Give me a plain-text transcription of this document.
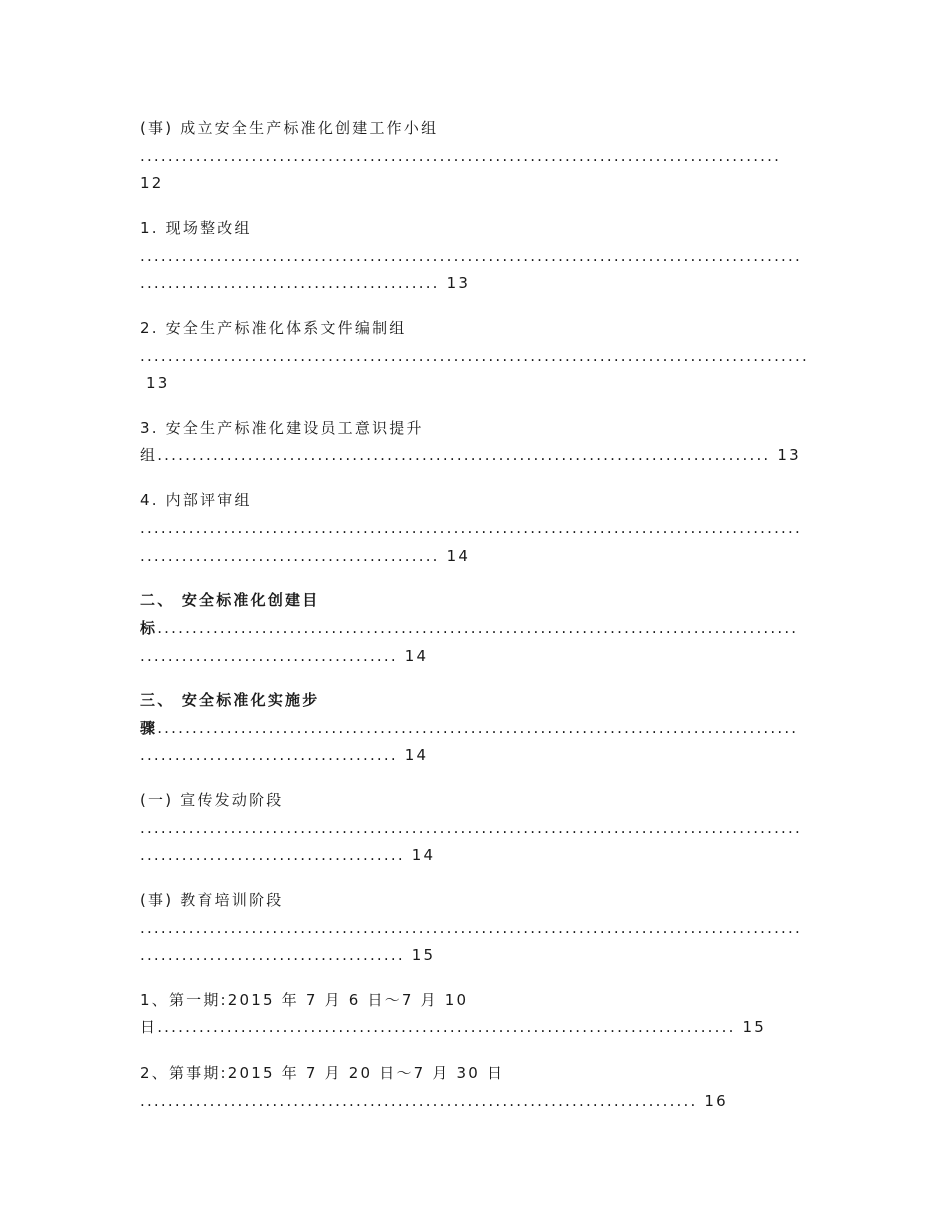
(事) 成立安全生产标准化创建工作小组
............................................................................................
12
1. 现场整改组
...............................................................................................
........................................... 13
2. 安全生产标准化体系文件编制组
................................................................................................
13
3. 安全生产标准化建设员工意识提升
组........................................................................................ 13
4. 内部评审组
...............................................................................................
........................................... 14
二、 安全标准化创建目
标............................................................................................
..................................... 14
三、 安全标准化实施步
骤............................................................................................
..................................... 14
(一) 宣传发动阶段
...............................................................................................
...................................... 14
(事) 教育培训阶段
...............................................................................................
...................................... 15
1、第一期:2015 年 7 月 6 日～7 月 10
日................................................................................... 15
2、第事期:2015 年 7 月 20 日～7 月 30 日
................................................................................ 16
